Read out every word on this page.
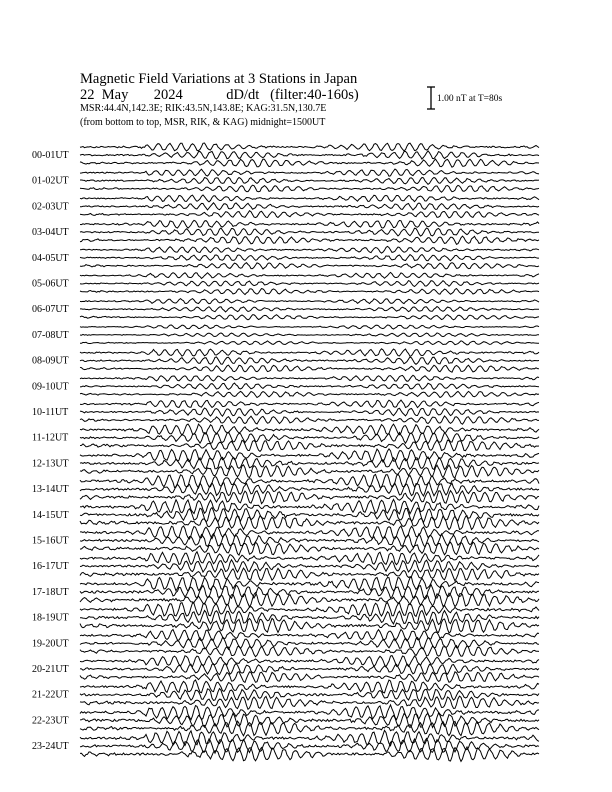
Magnetic Field Variations at 3 Stations in Japan
22  May       2024            dD/dt   (filter:40-160s)
MSR:44.4N,142.3E; RIK:43.5N,143.8E; KAG:31.5N,130.7E
(from bottom to top, MSR, RIK, & KAG) midnight=1500UT
1.00 nT at T=80s
00-01UT
01-02UT
02-03UT
03-04UT
04-05UT
05-06UT
06-07UT
07-08UT
08-09UT
09-10UT
10-11UT
11-12UT
12-13UT
13-14UT
14-15UT
15-16UT
16-17UT
17-18UT
18-19UT
19-20UT
20-21UT
21-22UT
22-23UT
23-24UT
